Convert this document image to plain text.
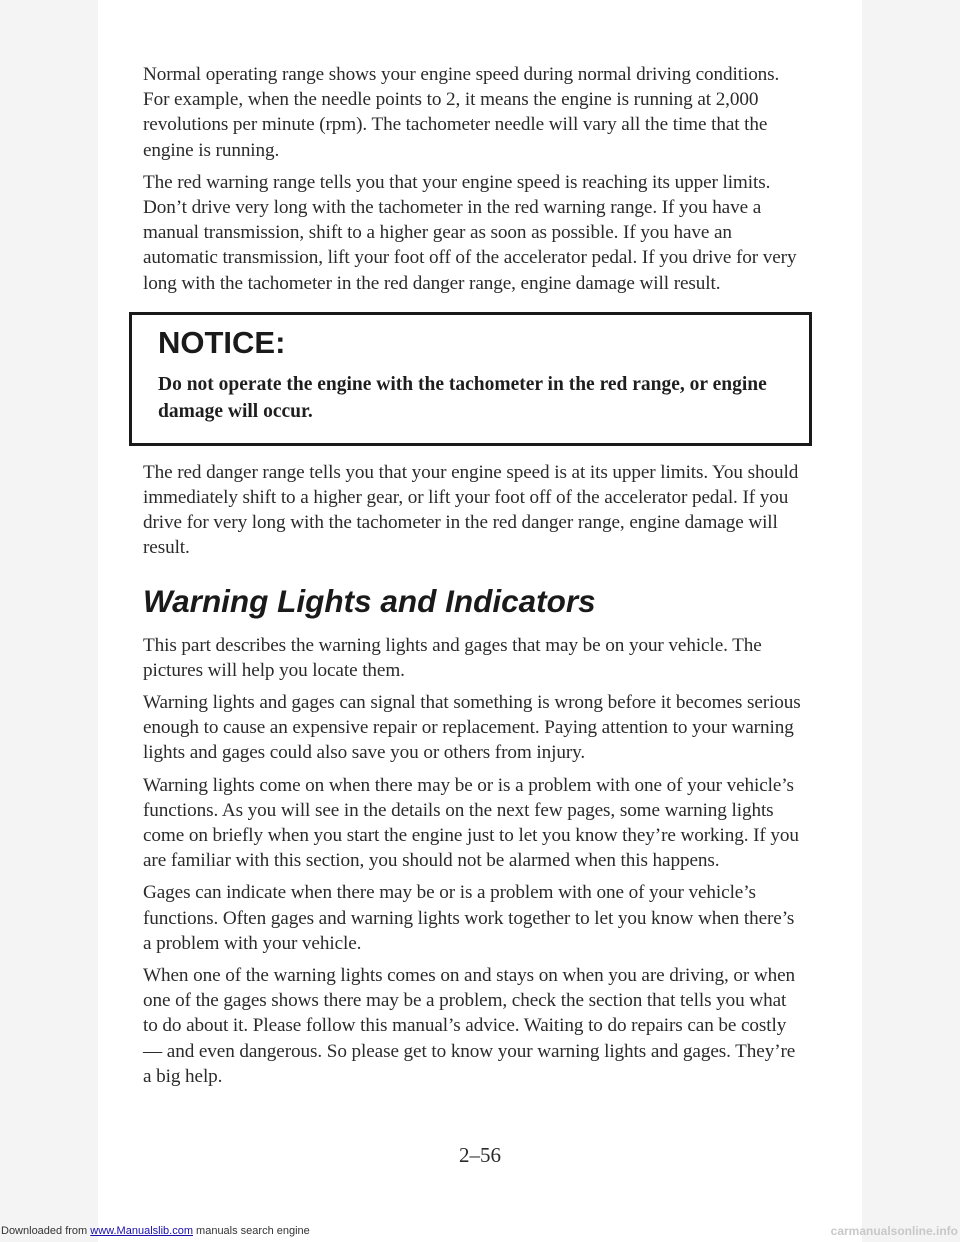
Normal operating range shows your engine speed during normal driving conditions. For example, when the needle points to 2, it means the engine is running at 2,000 revolutions per minute (rpm). The tachometer needle will vary all the time that the engine is running.

The red warning range tells you that your engine speed is reaching its upper limits. Don’t drive very long with the tachometer in the red warning range. If you have a manual transmission, shift to a higher gear as soon as possible. If you have an automatic transmission, lift your foot off of the accelerator pedal. If you drive for very long with the tachometer in the red danger range, engine damage will result.

NOTICE:

Do not operate the engine with the tachometer in the red range, or engine damage will occur.

The red danger range tells you that your engine speed is at its upper limits. You should immediately shift to a higher gear, or lift your foot off of the accelerator pedal. If you drive for very long with the tachometer in the red danger range, engine damage will result.

Warning Lights and Indicators

This part describes the warning lights and gages that may be on your vehicle. The pictures will help you locate them.

Warning lights and gages can signal that something is wrong before it becomes serious enough to cause an expensive repair or replacement. Paying attention to your warning lights and gages could also save you or others from injury.

Warning lights come on when there may be or is a problem with one of your vehicle’s functions. As you will see in the details on the next few pages, some warning lights come on briefly when you start the engine just to let you know they’re working. If you are familiar with this section, you should not be alarmed when this happens.

Gages can indicate when there may be or is a problem with one of your vehicle’s functions. Often gages and warning lights work together to let you know when there’s a problem with your vehicle.

When one of the warning lights comes on and stays on when you are driving, or when one of the gages shows there may be a problem, check the section that tells you what to do about it. Please follow this manual’s advice. Waiting to do repairs can be costly — and even dangerous. So please get to know your warning lights and gages. They’re a big help.

2–56
Downloaded from www.Manualslib.com manuals search engine	carmanualsonline.info
